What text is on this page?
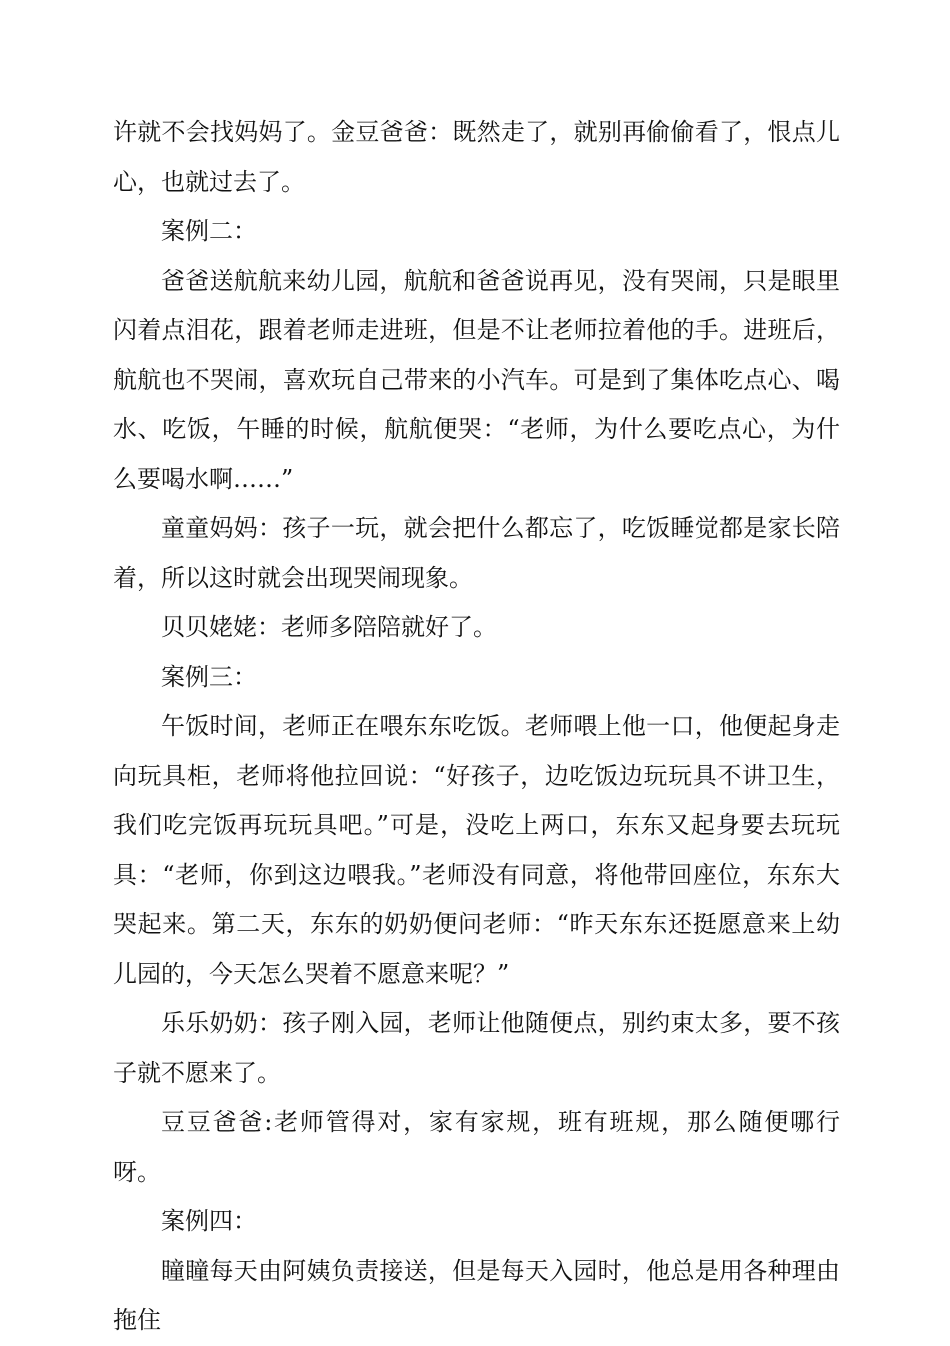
许就不会找妈妈了。金豆爸爸：既然走了，就别再偷偷看了，恨点儿心，也就过去了。

案例二：

爸爸送航航来幼儿园，航航和爸爸说再见，没有哭闹，只是眼里闪着点泪花，跟着老师走进班，但是不让老师拉着他的手。进班后，航航也不哭闹，喜欢玩自己带来的小汽车。可是到了集体吃点心、喝水、吃饭，午睡的时候，航航便哭：“老师，为什么要吃点心，为什么要喝水啊……”

童童妈妈：孩子一玩，就会把什么都忘了，吃饭睡觉都是家长陪着，所以这时就会出现哭闹现象。

贝贝姥姥：老师多陪陪就好了。

案例三：

午饭时间，老师正在喂东东吃饭。老师喂上他一口，他便起身走向玩具柜，老师将他拉回说：“好孩子，边吃饭边玩玩具不讲卫生，我们吃完饭再玩玩具吧。”可是，没吃上两口，东东又起身要去玩玩具：“老师，你到这边喂我。”老师没有同意，将他带回座位，东东大哭起来。第二天，东东的奶奶便问老师：“昨天东东还挺愿意来上幼儿园的，今天怎么哭着不愿意来呢？”

乐乐奶奶：孩子刚入园，老师让他随便点，别约束太多，要不孩子就不愿来了。

豆豆爸爸:老师管得对，家有家规，班有班规，那么随便哪行呀。

案例四：

瞳瞳每天由阿姨负责接送，但是每天入园时，他总是用各种理由拖住
